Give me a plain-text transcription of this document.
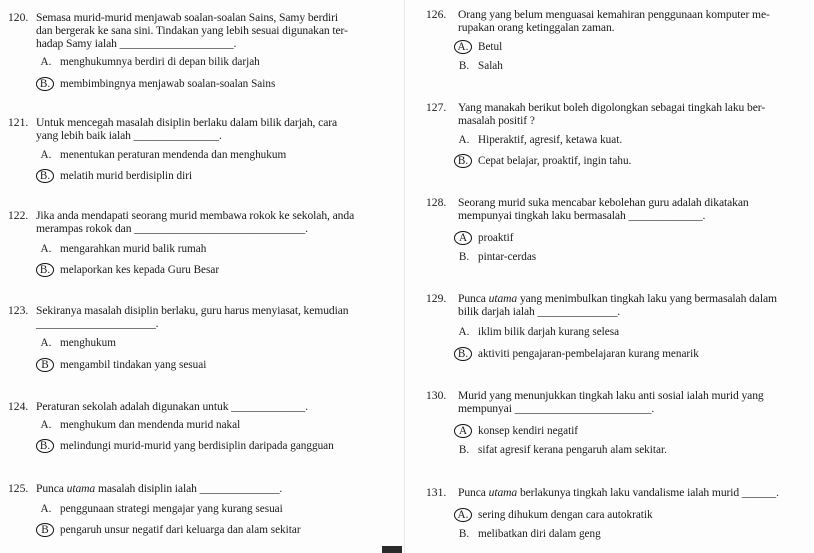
120. Semasa murid-murid menjawab soalan-soalan Sains, Samy berdiri
dan bergerak ke sana sini. Tindakan yang lebih sesuai digunakan ter-
hadap Samy ialah ____________________.
A. menghukumnya berdiri di depan bilik darjah
B. membimbingnya menjawab soalan-soalan Sains
121. Untuk mencegah masalah disiplin berlaku dalam bilik darjah, cara
yang lebih baik ialah _______________.
A. menentukan peraturan mendenda dan menghukum
B. melatih murid berdisiplin diri
122. Jika anda mendapati seorang murid membawa rokok ke sekolah, anda
merampas rokok dan ______________________________.
A. mengarahkan murid balik rumah
B. melaporkan kes kepada Guru Besar
123. Sekiranya masalah disiplin berlaku, guru harus menyiasat, kemudian
_____________________.
A. menghukum
B mengambil tindakan yang sesuai
124. Peraturan sekolah adalah digunakan untuk _____________.
A. menghukum dan mendenda murid nakal
B. melindungi murid-murid yang berdisiplin daripada gangguan
125. Punca utama masalah disiplin ialah ______________.
A. penggunaan strategi mengajar yang kurang sesuai
B pengaruh unsur negatif dari keluarga dan alam sekitar
126. Orang yang belum menguasai kemahiran penggunaan komputer me-
rupakan orang ketinggalan zaman.
A. Betul
B. Salah
127. Yang manakah berikut boleh digolongkan sebagai tingkah laku ber-
masalah positif ?
A. Hiperaktif, agresif, ketawa kuat.
B. Cepat belajar, proaktif, ingin tahu.
128. Seorang murid suka mencabar kebolehan guru adalah dikatakan
mempunyai tingkah laku bermasalah _____________.
A proaktif
B. pintar-cerdas
129. Punca utama yang menimbulkan tingkah laku yang bermasalah dalam
bilik darjah ialah ______________.
A. iklim bilik darjah kurang selesa
B. aktiviti pengajaran-pembelajaran kurang menarik
130. Murid yang menunjukkan tingkah laku anti sosial ialah murid yang
mempunyai ________________________.
A konsep kendiri negatif
B. sifat agresif kerana pengaruh alam sekitar.
131. Punca utama berlakunya tingkah laku vandalisme ialah murid ______.
A. sering dihukum dengan cara autokratik
B. melibatkan diri dalam geng
